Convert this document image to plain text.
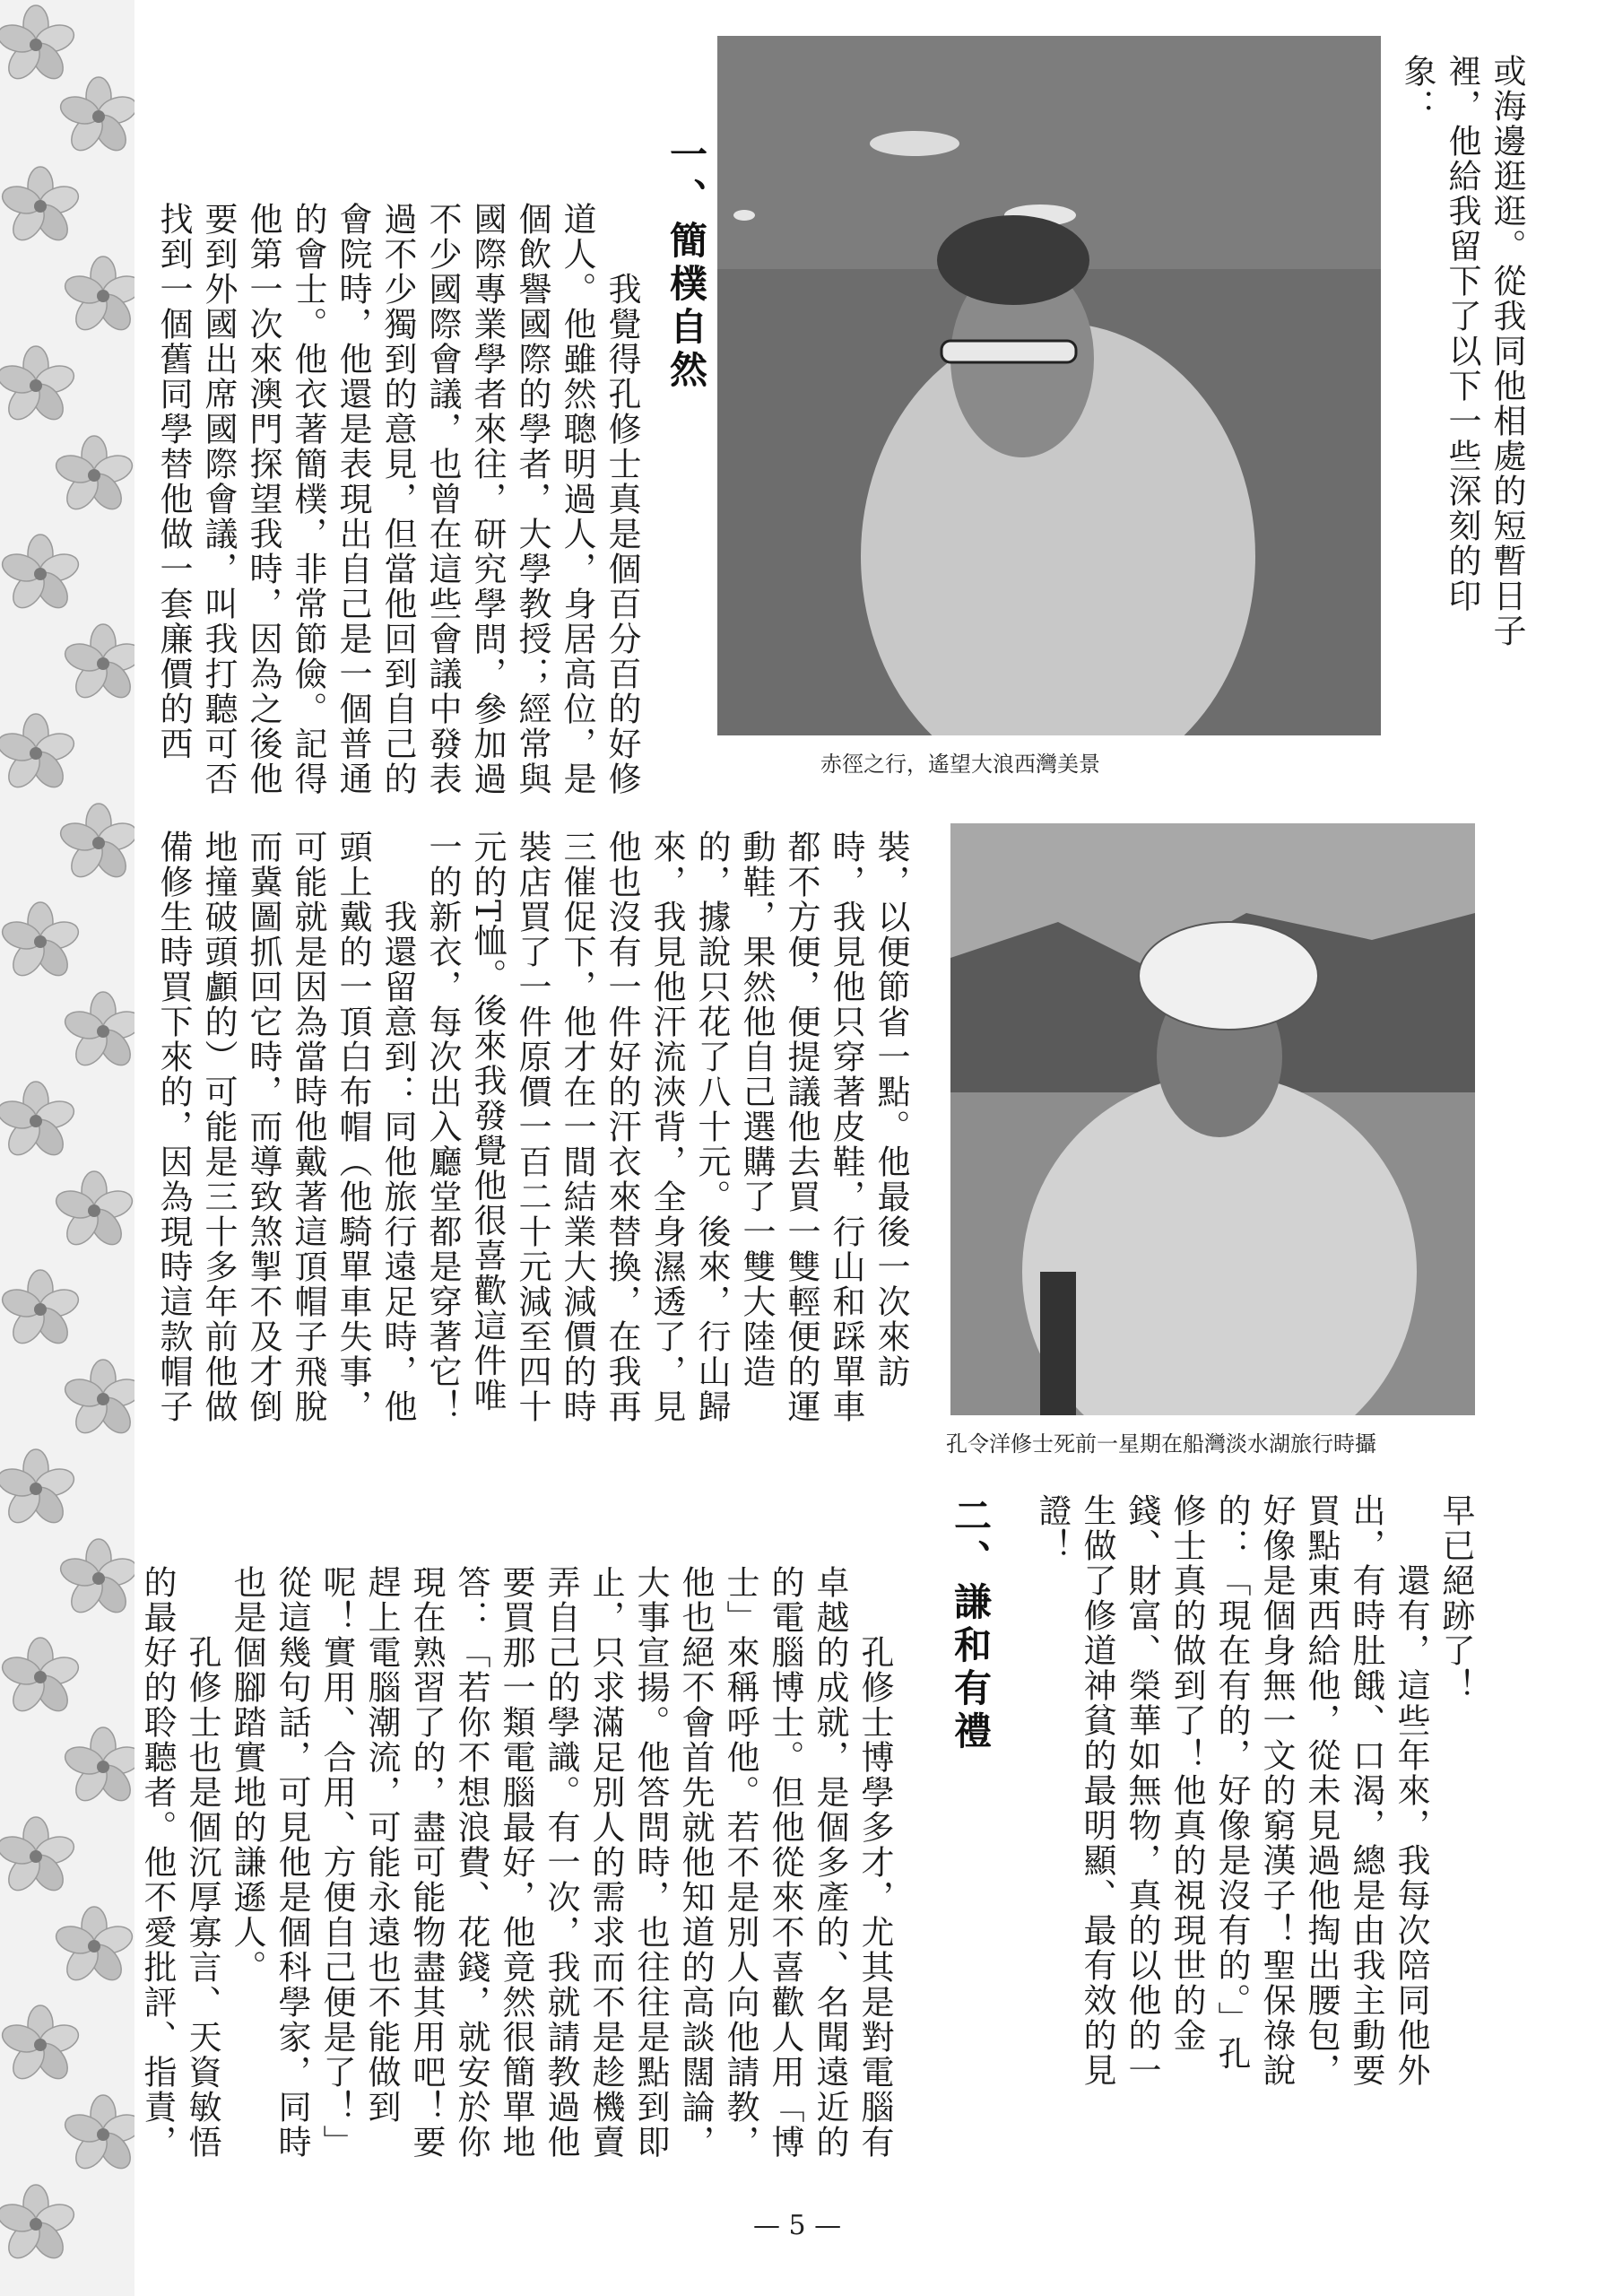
或海邊逛逛。從我同他相處的短暫日子
裡，他給我留下了以下一些深刻的印
象：
赤徑之行，遙望大浪西灣美景
一、簡樸自然
　　我覺得孔修士真是個百分百的好修
道人。他雖然聰明過人，身居高位，是
個飲譽國際的學者，大學教授；經常與
國際專業學者來往，研究學問，參加過
不少國際會議，也曾在這些會議中發表
過不少獨到的意見，但當他回到自己的
會院時，他還是表現出自己是一個普通
的會士。他衣著簡樸，非常節儉。記得
他第一次來澳門探望我時，因為之後他
要到外國出席國際會議，叫我打聽可否
找到一個舊同學替他做一套廉價的西
孔令洋修士死前一星期在船灣淡水湖旅行時攝
裝，以便節省一點。他最後一次來訪
時，我見他只穿著皮鞋，行山和踩單車
都不方便，便提議他去買一雙輕便的運
動鞋，果然他自己選購了一雙大陸造
的，據說只花了八十元。後來，行山歸
來，我見他汗流浹背，全身濕透了，見
他也沒有一件好的汗衣來替換，在我再
三催促下，他才在一間結業大減價的時
裝店買了一件原價一百二十元減至四十
元的T恤。後來我發覺他很喜歡這件唯
一的新衣，每次出入廳堂都是穿著它！
　　我還留意到：同他旅行遠足時，他
頭上戴的一頂白布帽（他騎單車失事，
可能就是因為當時他戴著這頂帽子飛脫
而冀圖抓回它時，而導致煞掣不及才倒
地撞破頭顱的）可能是三十多年前他做
備修生時買下來的，因為現時這款帽子
早已絕跡了！
　　還有，這些年來，我每次陪同他外
出，有時肚餓、口渴，總是由我主動要
買點東西給他，從未見過他掏出腰包，
好像是個身無一文的窮漢子！聖保祿說
的：「現在有的，好像是沒有的。」孔
修士真的做到了！他真的視現世的金
錢、財富、榮華如無物，真的以他的一
生做了修道神貧的最明顯、最有效的見
證！
二、謙和有禮
　　孔修士博學多才，尤其是對電腦有
卓越的成就，是個多產的、名聞遠近的
的電腦博士。但他從來不喜歡人用「博
士」來稱呼他。若不是別人向他請教，
他也絕不會首先就他知道的高談闊論，
大事宣揚。他答問時，也往往是點到即
止，只求滿足別人的需求而不是趁機賣
弄自己的學識。有一次，我就請教過他
要買那一類電腦最好，他竟然很簡單地
答：「若你不想浪費、花錢，就安於你
現在熟習了的，盡可能物盡其用吧！要
趕上電腦潮流，可能永遠也不能做到
呢！實用、合用、方便自己便是了！」
從這幾句話，可見他是個科學家，同時
也是個腳踏實地的謙遜人。
　　孔修士也是個沉厚寡言、天資敏悟
的最好的聆聽者。他不愛批評、指責，
— 5 —
